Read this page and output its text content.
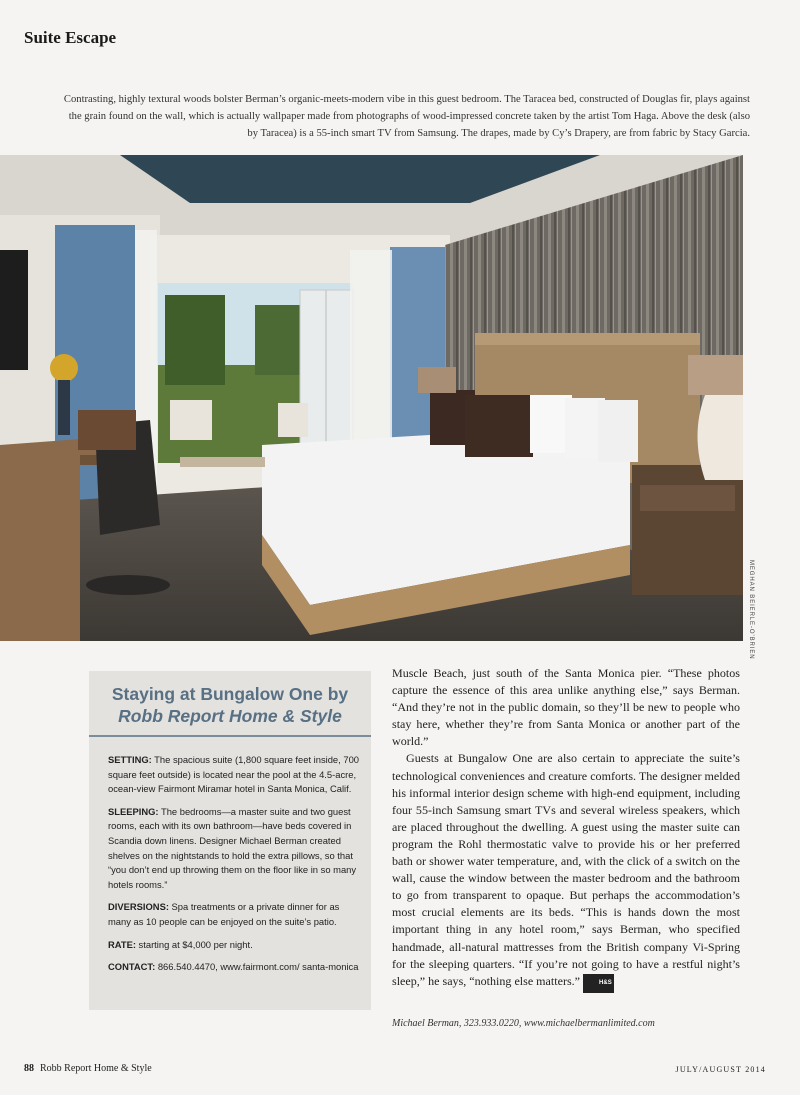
Suite Escape
Contrasting, highly textural woods bolster Berman’s organic-meets-modern vibe in this guest bedroom. The Taracea bed, constructed of Douglas fir, plays against the grain found on the wall, which is actually wallpaper made from photographs of wood-impressed concrete taken by the artist Tom Haga. Above the desk (also by Taracea) is a 55-inch smart TV from Samsung. The drapes, made by Cy’s Drapery, are from fabric by Stacy Garcia.
MEGHAN BEIERLE-O’BRIEN
Staying at Bungalow One by
Robb Report Home & Style

SETTING: The spacious suite (1,800 square feet inside, 700 square feet outside) is located near the pool at the 4.5-acre, ocean-view Fairmont Miramar hotel in Santa Monica, Calif.

SLEEPING: The bedrooms—a master suite and two guest rooms, each with its own bathroom—have beds covered in Scandia down linens. Designer Michael Berman created shelves on the nightstands to hold the extra pillows, so that “you don’t end up throwing them on the floor like in so many hotels rooms.”

DIVERSIONS: Spa treatments or a private dinner for as many as 10 people can be enjoyed on the suite’s patio.

RATE: starting at $4,000 per night.

CONTACT: 866.540.4470, www.fairmont.com/ santa-monica

Muscle Beach, just south of the Santa Monica pier. “These photos capture the essence of this area unlike anything else,” says Berman. “And they’re not in the public domain, so they’ll be new to people who stay here, whether they’re from Santa Monica or another part of the world.”

Guests at Bungalow One are also certain to appreciate the suite’s technological conveniences and creature comforts. The designer melded his informal interior design scheme with high-end equipment, including four 55-inch Samsung smart TVs and several wireless speakers, which are placed throughout the dwelling. A guest using the master suite can program the Rohl thermostatic valve to provide his or her preferred bath or shower water temperature, and, with the click of a switch on the wall, cause the window between the master bedroom and the bathroom to go from transparent to opaque. But perhaps the accommodation’s most crucial elements are its beds. “This is hands down the most important thing in any hotel room,” says Berman, who specified handmade, all-natural mattresses from the British company Vi-Spring for the sleeping quarters. “If you’re not going to have a restful night’s sleep,” he says, “nothing else matters.”	H&S

Michael Berman, 323.933.0220, www.michaelbermanlimited.com
88 Robb Report Home & Style	JULY/AUGUST 2014
